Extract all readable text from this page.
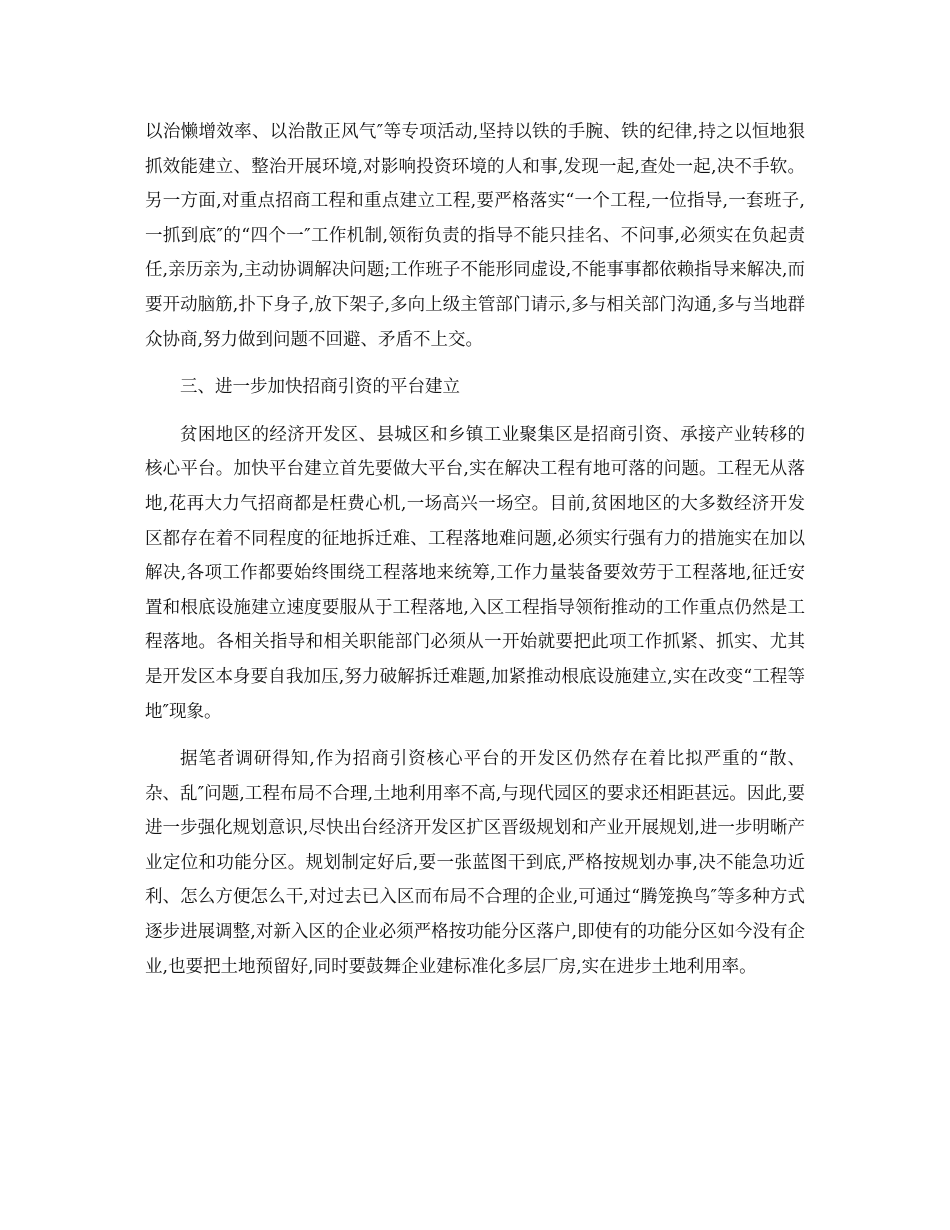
以治懒增效率、以治散正风气″等专项活动,坚持以铁的手腕、铁的纪律,持之以恒地狠抓效能建立、整治开展环境,对影响投资环境的人和事,发现一起,查处一起,决不手软。另一方面,对重点招商工程和重点建立工程,要严格落实“一个工程,一位指导,一套班子,一抓到底″的“四个一″工作机制,领衔负责的指导不能只挂名、不问事,必须实在负起责任,亲历亲为,主动协调解决问题;工作班子不能形同虚设,不能事事都依赖指导来解决,而要开动脑筋,扑下身子,放下架子,多向上级主管部门请示,多与相关部门沟通,多与当地群众协商,努力做到问题不回避、矛盾不上交。

三、进一步加快招商引资的平台建立

贫困地区的经济开发区、县城区和乡镇工业聚集区是招商引资、承接产业转移的核心平台。加快平台建立首先要做大平台,实在解决工程有地可落的问题。工程无从落地,花再大力气招商都是枉费心机,一场高兴一场空。目前,贫困地区的大多数经济开发区都存在着不同程度的征地拆迁难、工程落地难问题,必须实行强有力的措施实在加以解决,各项工作都要始终围绕工程落地来统筹,工作力量装备要效劳于工程落地,征迁安置和根底设施建立速度要服从于工程落地,入区工程指导领衔推动的工作重点仍然是工程落地。各相关指导和相关职能部门必须从一开始就要把此项工作抓紧、抓实、尤其是开发区本身要自我加压,努力破解拆迁难题,加紧推动根底设施建立,实在改变“工程等地″现象。

据笔者调研得知,作为招商引资核心平台的开发区仍然存在着比拟严重的“散、杂、乱″问题,工程布局不合理,土地利用率不高,与现代园区的要求还相距甚远。因此,要进一步强化规划意识,尽快出台经济开发区扩区晋级规划和产业开展规划,进一步明晰产业定位和功能分区。规划制定好后,要一张蓝图干到底,严格按规划办事,决不能急功近利、怎么方便怎么干,对过去已入区而布局不合理的企业,可通过“腾笼换鸟″等多种方式逐步进展调整,对新入区的企业必须严格按功能分区落户,即使有的功能分区如今没有企业,也要把土地预留好,同时要鼓舞企业建标准化多层厂房,实在进步土地利用率。
